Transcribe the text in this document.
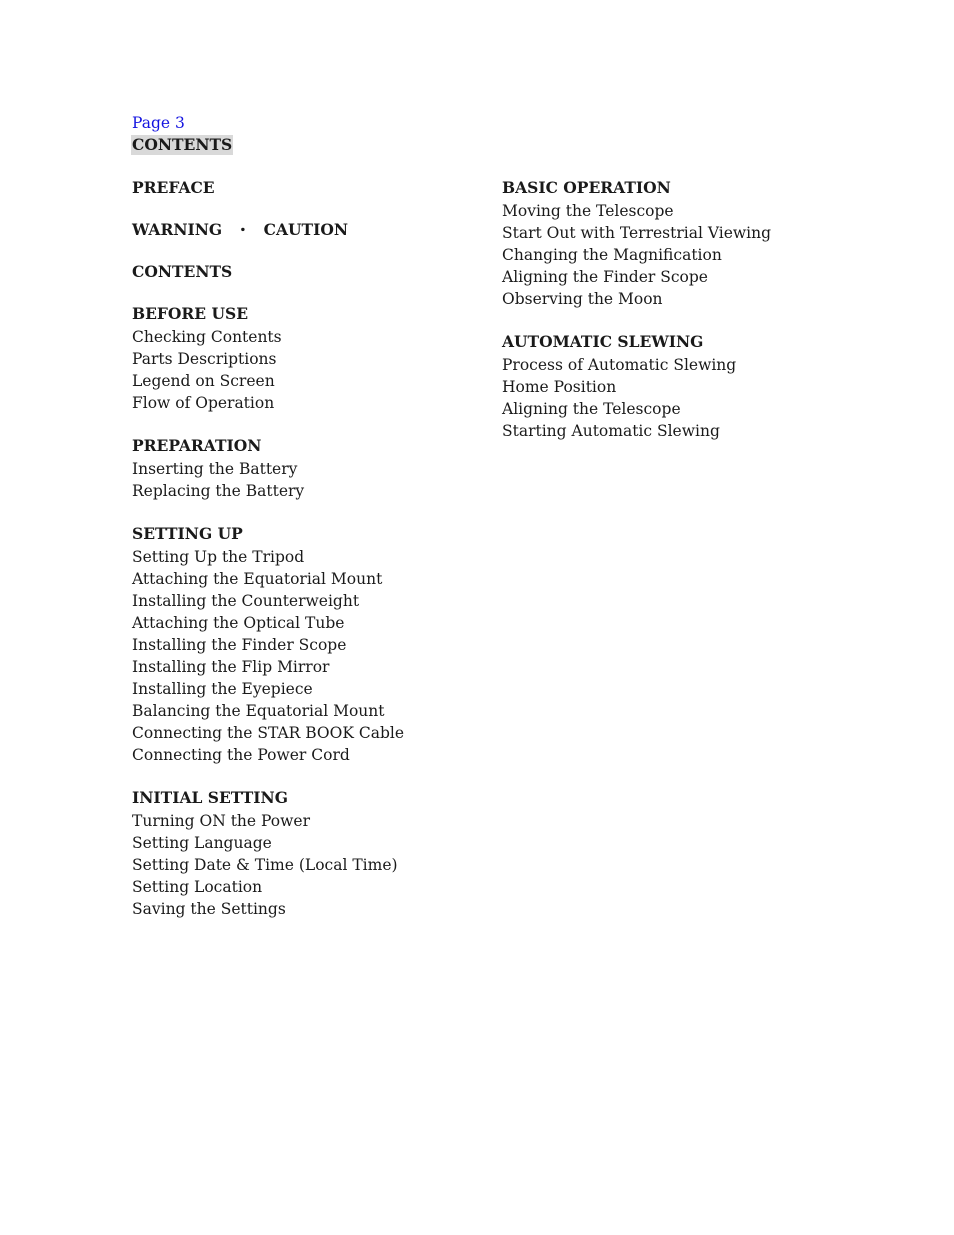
Page 3
CONTENTS
PREFACE
WARNING ・ CAUTION
CONTENTS
BEFORE USE
Checking Contents
Parts Descriptions
Legend on Screen
Flow of Operation
PREPARATION
Inserting the Battery
Replacing the Battery
SETTING UP
Setting Up the Tripod
Attaching the Equatorial Mount
Installing the Counterweight
Attaching the Optical Tube
Installing the Finder Scope
Installing the Flip Mirror
Installing the Eyepiece
Balancing the Equatorial Mount
Connecting the STAR BOOK Cable
Connecting the Power Cord
INITIAL SETTING
Turning ON the Power
Setting Language
Setting Date & Time (Local Time)
Setting Location
Saving the Settings
BASIC OPERATION
Moving the Telescope
Start Out with Terrestrial Viewing
Changing the Magnification
Aligning the Finder Scope
Observing the Moon
AUTOMATIC SLEWING
Process of Automatic Slewing
Home Position
Aligning the Telescope
Starting Automatic Slewing
